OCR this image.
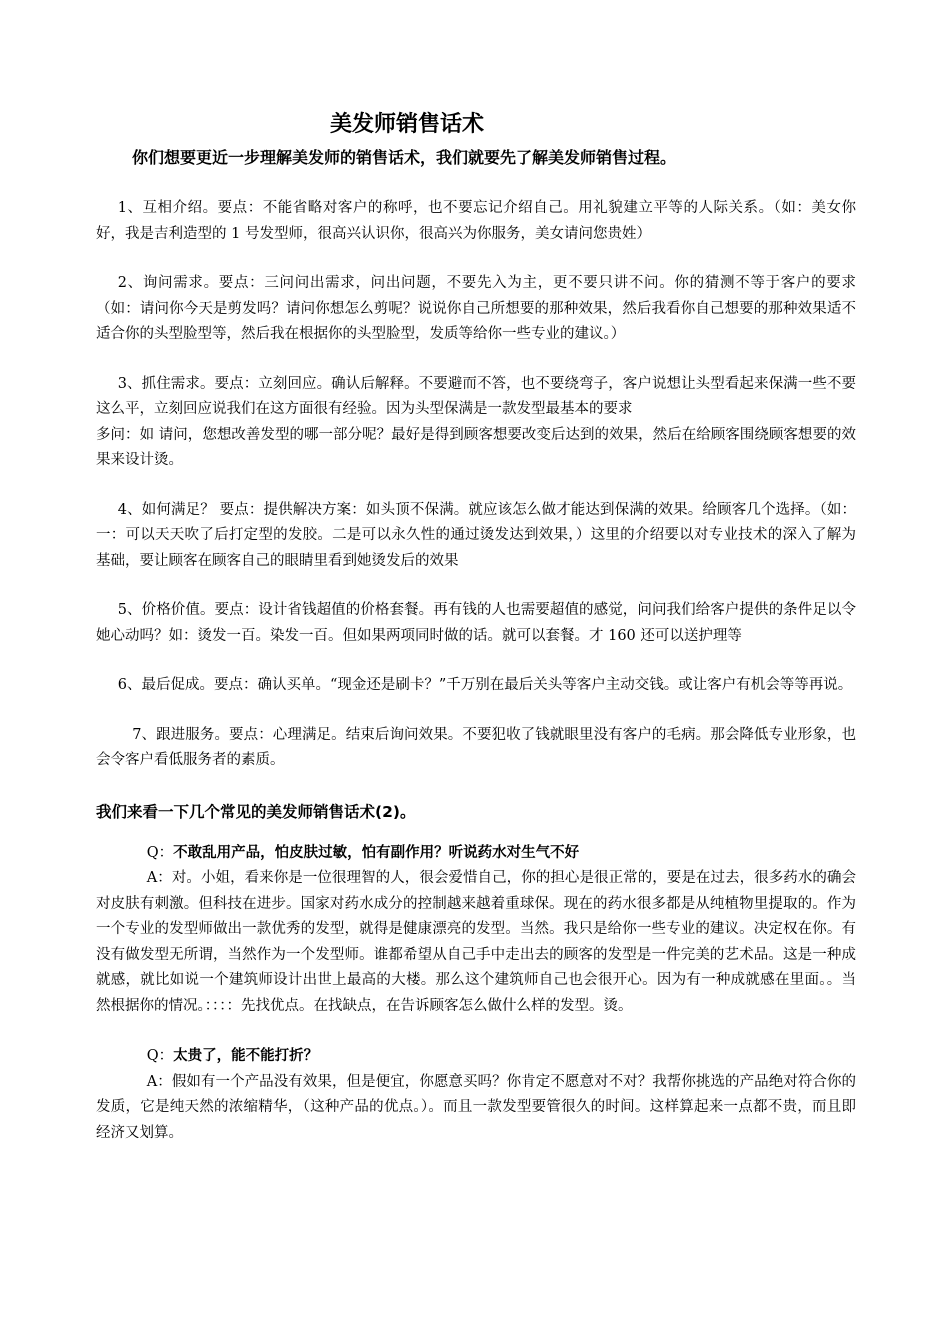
美发师销售话术
你们想要更近一步理解美发师的销售话术，我们就要先了解美发师销售过程。

1、互相介绍。要点：不能省略对客户的称呼，也不要忘记介绍自己。用礼貌建立平等的人际关系。（如：美女你好，我是吉利造型的 1 号发型师，很高兴认识你，很高兴为你服务，美女请问您贵姓）

2、询问需求。要点：三问问出需求，问出问题，不要先入为主，更不要只讲不问。你的猜测不等于客户的要求（如：请问你今天是剪发吗？请问你想怎么剪呢？说说你自己所想要的那种效果，然后我看你自己想要的那种效果适不适合你的头型脸型等，然后我在根据你的头型脸型，发质等给你一些专业的建议。）

3、抓住需求。要点：立刻回应。确认后解释。不要避而不答，也不要绕弯子，客户说想让头型看起来保满一些不要这么平，立刻回应说我们在这方面很有经验。因为头型保满是一款发型最基本的要求

多问：如 请问，您想改善发型的哪一部分呢？最好是得到顾客想要改变后达到的效果，然后在给顾客围绕顾客想要的效果来设计烫。

4、如何满足？ 要点：提供解决方案：如头顶不保满。就应该怎么做才能达到保满的效果。给顾客几个选择。（如：一：可以天天吹了后打定型的发胶。二是可以永久性的通过烫发达到效果，）这里的介绍要以对专业技术的深入了解为基础，要让顾客在顾客自己的眼睛里看到她烫发后的效果

5、价格价值。要点：设计省钱超值的价格套餐。再有钱的人也需要超值的感觉，问问我们给客户提供的条件足以令她心动吗？如：烫发一百。染发一百。但如果两项同时做的话。就可以套餐。才 160 还可以送护理等

6、最后促成。要点：确认买单。“现金还是刷卡？”千万别在最后关头等客户主动交钱。或让客户有机会等等再说。

7、跟进服务。要点：心理满足。结束后询问效果。不要犯收了钱就眼里没有客户的毛病。那会降低专业形象，也会令客户看低服务者的素质。

我们来看一下几个常见的美发师销售话术(2)。

Q：不敢乱用产品，怕皮肤过敏，怕有副作用？听说药水对生气不好

A：对。小姐，看来你是一位很理智的人，很会爱惜自己，你的担心是很正常的，要是在过去，很多药水的确会对皮肤有刺激。但科技在进步。国家对药水成分的控制越来越着重球保。现在的药水很多都是从纯植物里提取的。作为一个专业的发型师做出一款优秀的发型，就得是健康漂亮的发型。当然。我只是给你一些专业的建议。决定权在你。有没有做发型无所谓，当然作为一个发型师。谁都希望从自己手中走出去的顾客的发型是一件完美的艺术品。这是一种成就感，就比如说一个建筑师设计出世上最高的大楼。那么这个建筑师自己也会很开心。因为有一种成就感在里面。。当然根据你的情况。：：：：先找优点。在找缺点，在告诉顾客怎么做什么样的发型。烫。

Q：太贵了，能不能打折？

A：假如有一个产品没有效果，但是便宜，你愿意买吗？你肯定不愿意对不对？我帮你挑选的产品绝对符合你的发质，它是纯天然的浓缩精华，（这种产品的优点。）。而且一款发型要管很久的时间。这样算起来一点都不贵，而且即经济又划算。
